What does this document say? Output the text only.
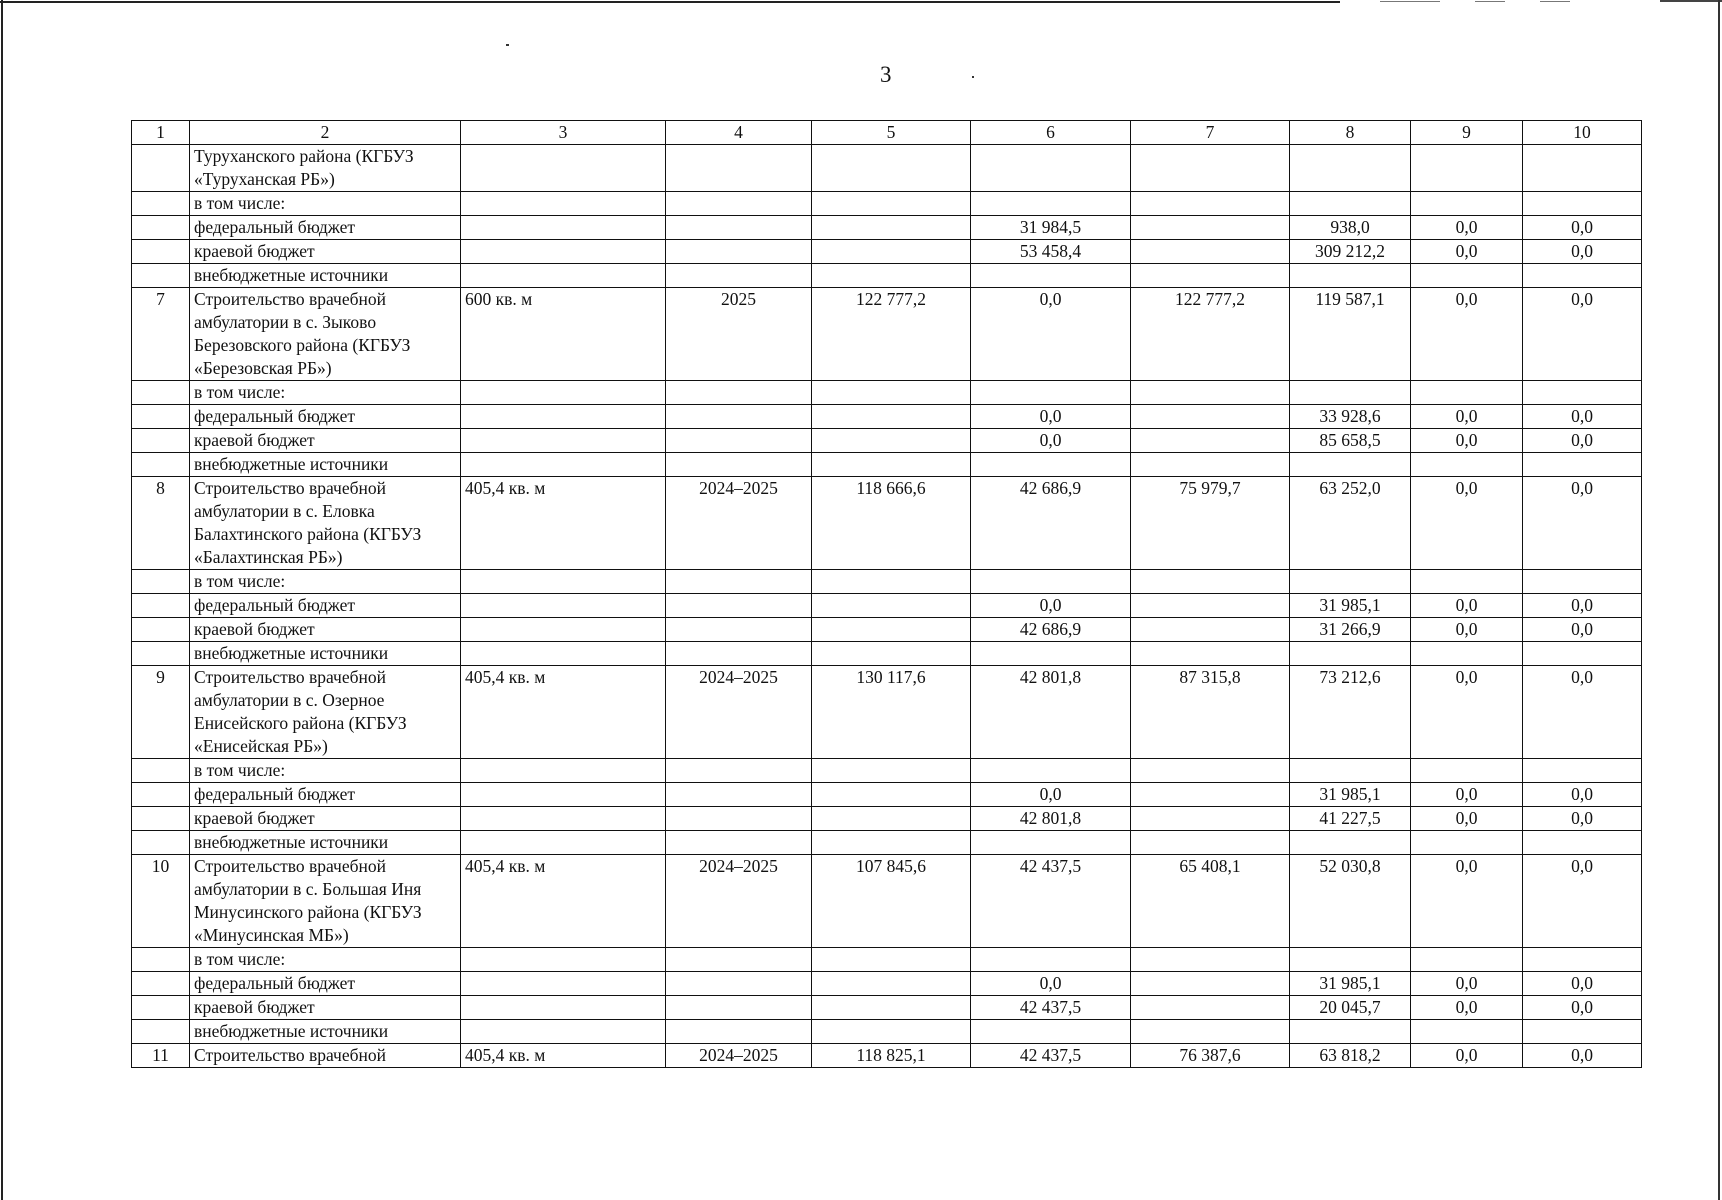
3
1	2	3	4	5	6	7	8	9	10
	Туруханского района (КГБУЗ «Туруханская РБ»)								
	в том числе:								
	федеральный бюджет				31 984,5		938,0	0,0	0,0
	краевой бюджет				53 458,4		309 212,2	0,0	0,0
	внебюджетные источники								
7	Строительство врачебной амбулатории в с. Зыково Березовского района (КГБУЗ «Березовская РБ»)	600 кв. м	2025	122 777,2	0,0	122 777,2	119 587,1	0,0	0,0
	в том числе:								
	федеральный бюджет				0,0		33 928,6	0,0	0,0
	краевой бюджет				0,0		85 658,5	0,0	0,0
	внебюджетные источники								
8	Строительство врачебной амбулатории в с. Еловка Балахтинского района (КГБУЗ «Балахтинская РБ»)	405,4 кв. м	2024–2025	118 666,6	42 686,9	75 979,7	63 252,0	0,0	0,0
	в том числе:								
	федеральный бюджет				0,0		31 985,1	0,0	0,0
	краевой бюджет				42 686,9		31 266,9	0,0	0,0
	внебюджетные источники								
9	Строительство врачебной амбулатории в с. Озерное Енисейского района (КГБУЗ «Енисейская РБ»)	405,4 кв. м	2024–2025	130 117,6	42 801,8	87 315,8	73 212,6	0,0	0,0
	в том числе:								
	федеральный бюджет				0,0		31 985,1	0,0	0,0
	краевой бюджет				42 801,8		41 227,5	0,0	0,0
	внебюджетные источники								
10	Строительство врачебной амбулатории в с. Большая Иня Минусинского района (КГБУЗ «Минусинская МБ»)	405,4 кв. м	2024–2025	107 845,6	42 437,5	65 408,1	52 030,8	0,0	0,0
	в том числе:								
	федеральный бюджет				0,0		31 985,1	0,0	0,0
	краевой бюджет				42 437,5		20 045,7	0,0	0,0
	внебюджетные источники								
11	Строительство врачебной	405,4 кв. м	2024–2025	118 825,1	42 437,5	76 387,6	63 818,2	0,0	0,0
